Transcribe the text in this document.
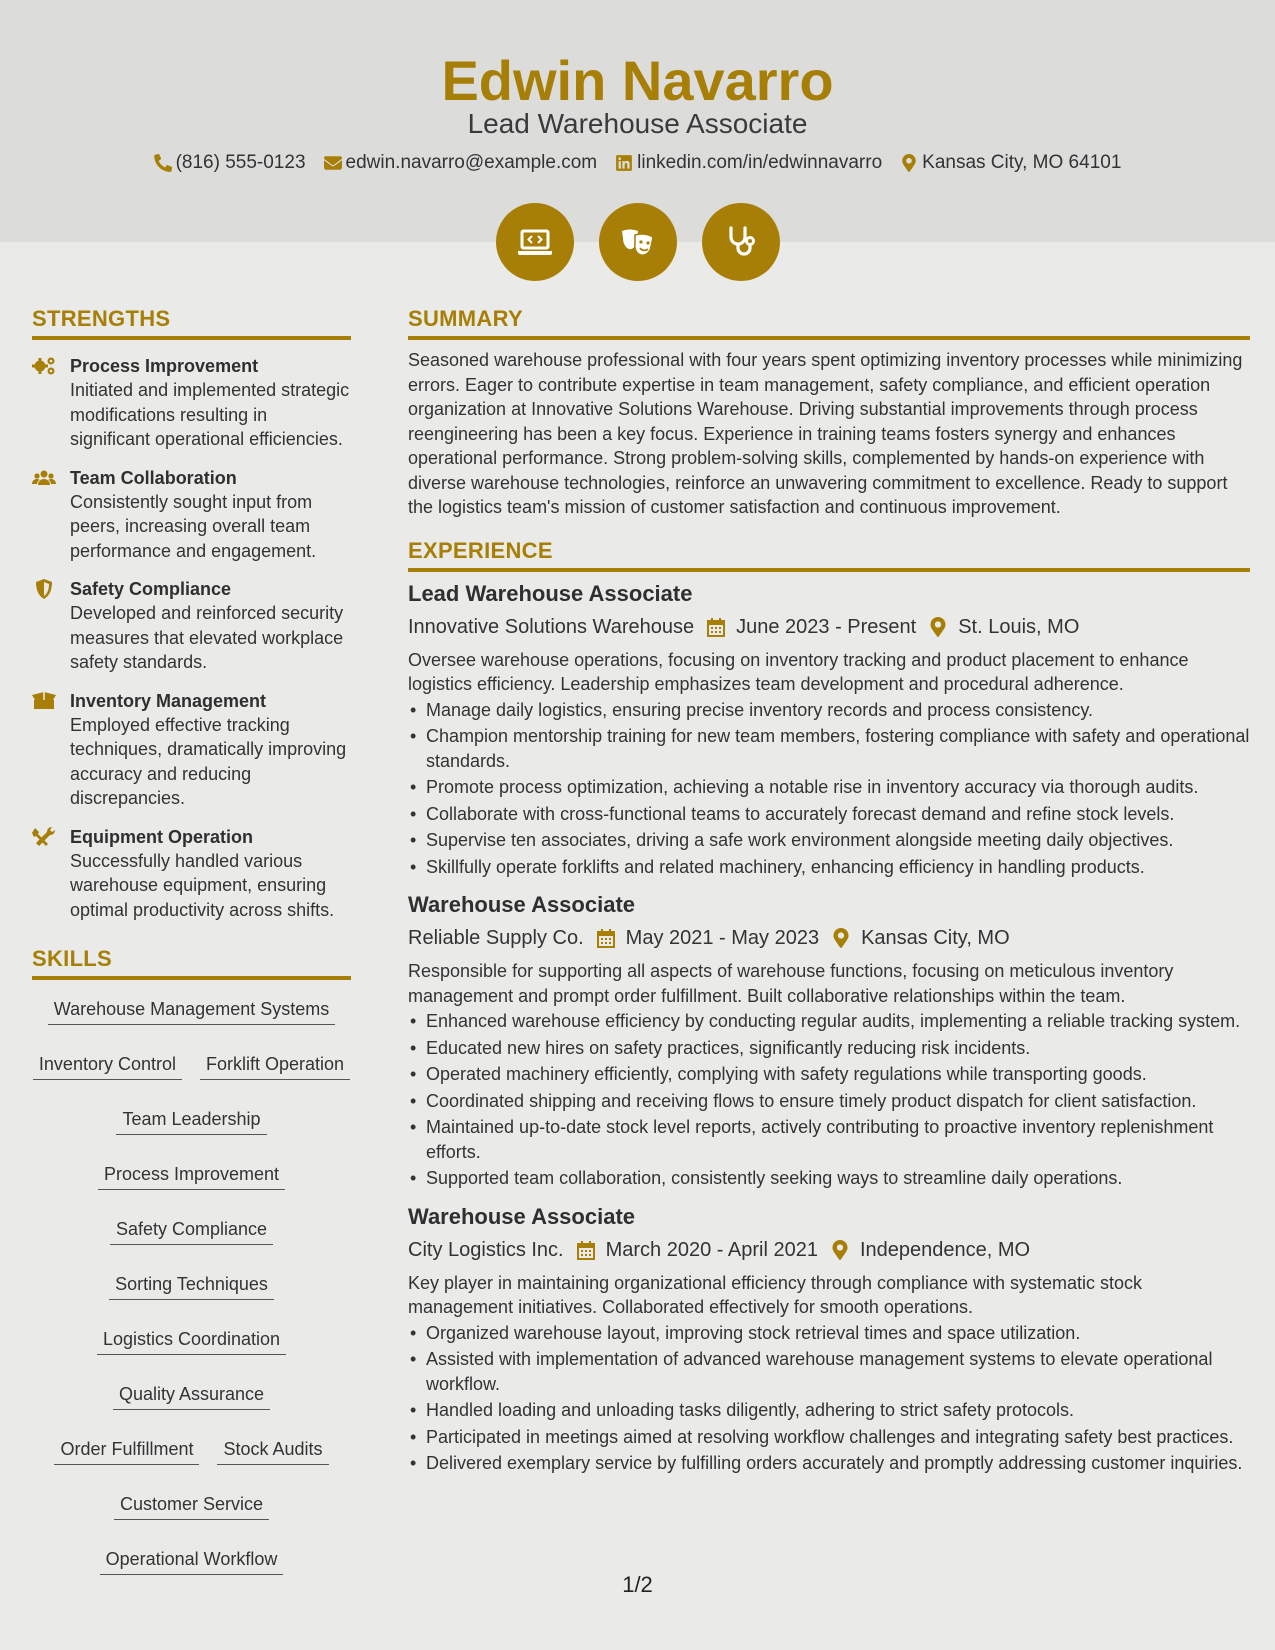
Edwin Navarro
Lead Warehouse Associate
(816) 555-0123 edwin.navarro@example.com linkedin.com/in/edwinnavarro Kansas City, MO 64101
STRENGTHS
Process Improvement
Initiated and implemented strategic modifications resulting in significant operational efficiencies.
Team Collaboration
Consistently sought input from peers, increasing overall team performance and engagement.
Safety Compliance
Developed and reinforced security measures that elevated workplace safety standards.
Inventory Management
Employed effective tracking techniques, dramatically improving accuracy and reducing discrepancies.
Equipment Operation
Successfully handled various warehouse equipment, ensuring optimal productivity across shifts.
SKILLS
Warehouse Management Systems
Inventory Control	Forklift Operation
Team Leadership
Process Improvement
Safety Compliance
Sorting Techniques
Logistics Coordination
Quality Assurance
Order Fulfillment	Stock Audits
Customer Service
Operational Workflow
SUMMARY
Seasoned warehouse professional with four years spent optimizing inventory processes while minimizing errors. Eager to contribute expertise in team management, safety compliance, and efficient operation organization at Innovative Solutions Warehouse. Driving substantial improvements through process reengineering has been a key focus. Experience in training teams fosters synergy and enhances operational performance. Strong problem-solving skills, complemented by hands-on experience with diverse warehouse technologies, reinforce an unwavering commitment to excellence. Ready to support the logistics team's mission of customer satisfaction and continuous improvement.
EXPERIENCE
Lead Warehouse Associate
Innovative Solutions Warehouse June 2023 - Present St. Louis, MO
Oversee warehouse operations, focusing on inventory tracking and product placement to enhance logistics efficiency. Leadership emphasizes team development and procedural adherence.
• Manage daily logistics, ensuring precise inventory records and process consistency.
• Champion mentorship training for new team members, fostering compliance with safety and operational standards.
• Promote process optimization, achieving a notable rise in inventory accuracy via thorough audits.
• Collaborate with cross-functional teams to accurately forecast demand and refine stock levels.
• Supervise ten associates, driving a safe work environment alongside meeting daily objectives.
• Skillfully operate forklifts and related machinery, enhancing efficiency in handling products.
Warehouse Associate
Reliable Supply Co. May 2021 - May 2023 Kansas City, MO
Responsible for supporting all aspects of warehouse functions, focusing on meticulous inventory management and prompt order fulfillment. Built collaborative relationships within the team.
• Enhanced warehouse efficiency by conducting regular audits, implementing a reliable tracking system.
• Educated new hires on safety practices, significantly reducing risk incidents.
• Operated machinery efficiently, complying with safety regulations while transporting goods.
• Coordinated shipping and receiving flows to ensure timely product dispatch for client satisfaction.
• Maintained up-to-date stock level reports, actively contributing to proactive inventory replenishment efforts.
• Supported team collaboration, consistently seeking ways to streamline daily operations.
Warehouse Associate
City Logistics Inc. March 2020 - April 2021 Independence, MO
Key player in maintaining organizational efficiency through compliance with systematic stock management initiatives. Collaborated effectively for smooth operations.
• Organized warehouse layout, improving stock retrieval times and space utilization.
• Assisted with implementation of advanced warehouse management systems to elevate operational workflow.
• Handled loading and unloading tasks diligently, adhering to strict safety protocols.
• Participated in meetings aimed at resolving workflow challenges and integrating safety best practices.
• Delivered exemplary service by fulfilling orders accurately and promptly addressing customer inquiries.
1/2
